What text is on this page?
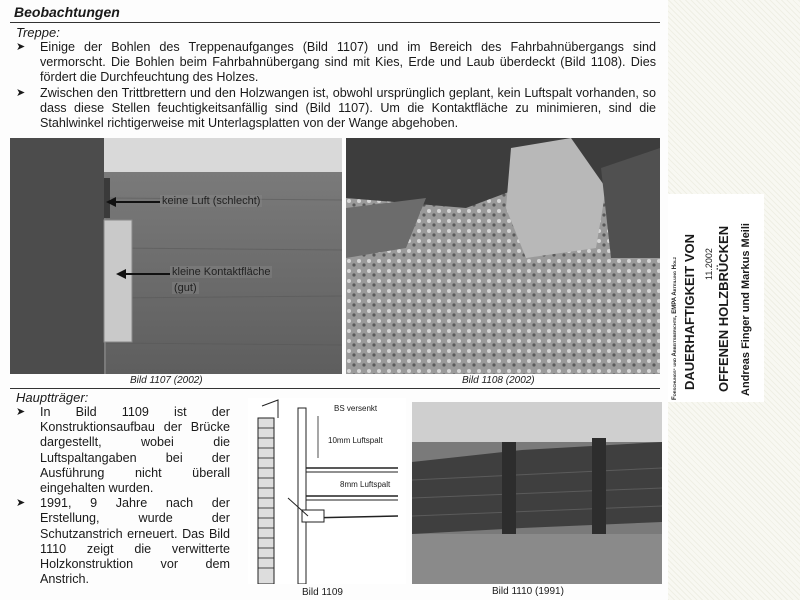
Beobachtungen
Treppe:
➤ Einige der Bohlen des Treppenaufganges (Bild 1107) und im Bereich des Fahrbahnübergangs sind vermorscht. Die Bohlen beim Fahrbahnübergang sind mit Kies, Erde und Laub überdeckt (Bild 1108). Dies fördert die Durchfeuchtung des Holzes.
➤ Zwischen den Trittbrettern und den Holzwangen ist, obwohl ursprünglich geplant, kein Luftspalt vorhanden, so dass diese Stellen feuchtigkeitsanfällig sind (Bild 1107). Um die Kontaktfläche zu minimieren, sind die Stahlwinkel richtigerweise mit Unterlagsplatten von der Wange abgehoben.
keine Luft (schlecht)
kleine Kontaktfläche
(gut)
Bild 1107 (2002)	Bild 1108 (2002)
Hauptträger:
➤ In Bild 1109 ist der Konstruktionsaufbau der Brücke dargestellt, wobei die Luftspaltangaben bei der Ausführung nicht überall eingehalten wurden.
➤ 1991, 9 Jahre nach der Erstellung, wurde der Schutzanstrich erneuert. Das Bild 1110 zeigt die verwitterte Holzkonstruktion vor dem Anstrich.
BS versenkt
10mm Luftspalt
8mm Luftspalt
Bild 1109	Bild 1110 (1991)
Forschungs- und Arbeitsberichte, EMPA Abteilung Holz DAUERHAFTIGKEIT VON 11.2002 OFFENEN HOLZBRÜCKEN Andreas Finger und Markus Meili
